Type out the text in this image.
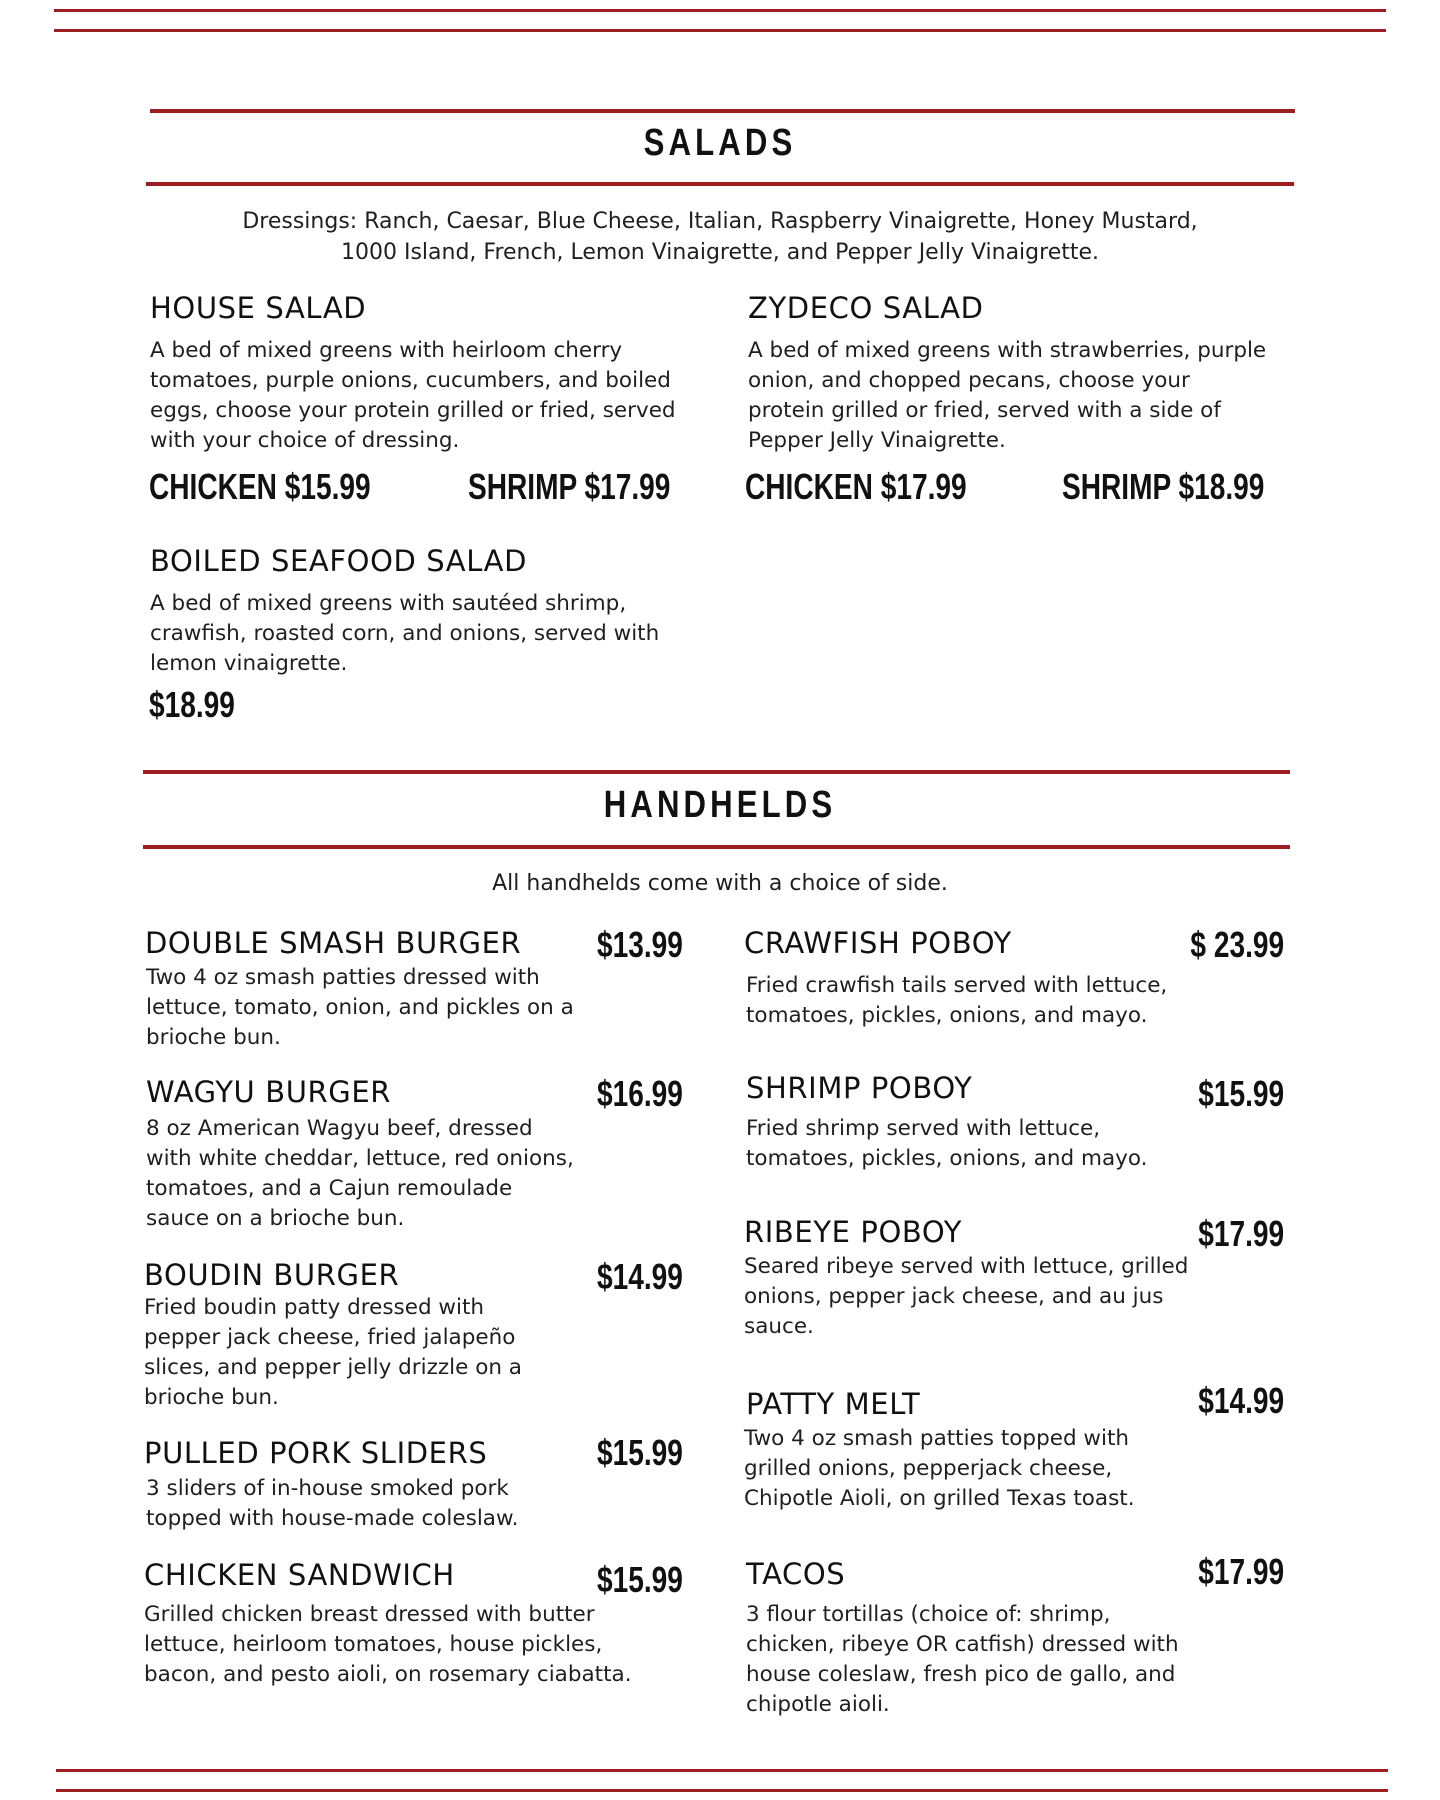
SALADS
Dressings: Ranch, Caesar, Blue Cheese, Italian, Raspberry Vinaigrette, Honey Mustard, 1000 Island, French, Lemon Vinaigrette, and Pepper Jelly Vinaigrette.
HOUSE SALAD

A bed of mixed greens with heirloom cherry tomatoes, purple onions, cucumbers, and boiled eggs, choose your protein grilled or fried, served with your choice of dressing.

CHICKEN $15.99	SHRIMP $17.99
ZYDECO SALAD

A bed of mixed greens with strawberries, purple onion, and chopped pecans, choose your protein grilled or fried, served with a side of Pepper Jelly Vinaigrette.

CHICKEN $17.99	SHRIMP $18.99
BOILED SEAFOOD SALAD

A bed of mixed greens with sautéed shrimp, crawfish, roasted corn, and onions, served with lemon vinaigrette.

$18.99
HANDHELDS
All handhelds come with a choice of side.
DOUBLE SMASH BURGER $13.99

Two 4 oz smash patties dressed with lettuce, tomato, onion, and pickles on a brioche bun.

WAGYU BURGER	$16.99

8 oz American Wagyu beef, dressed with white cheddar, lettuce, red onions, tomatoes, and a Cajun remoulade sauce on a brioche bun.

BOUDIN BURGER	$14.99

Fried boudin patty dressed with pepper jack cheese, fried jalapeño slices, and pepper jelly drizzle on a brioche bun.

PULLED PORK SLIDERS	$15.99

3 sliders of in-house smoked pork topped with house-made coleslaw.

CHICKEN SANDWICH	$15.99

Grilled chicken breast dressed with butter lettuce, heirloom tomatoes, house pickles, bacon, and pesto aioli, on rosemary ciabatta.

CRAWFISH POBOY	$ 23.99

Fried crawfish tails served with lettuce, tomatoes, pickles, onions, and mayo.

SHRIMP POBOY	$15.99

Fried shrimp served with lettuce, tomatoes, pickles, onions, and mayo.

RIBEYE POBOY	$17.99

Seared ribeye served with lettuce, grilled onions, pepper jack cheese, and au jus sauce.

PATTY MELT	$14.99

Two 4 oz smash patties topped with grilled onions, pepperjack cheese, Chipotle Aioli, on grilled Texas toast.

TACOS	$17.99

3 flour tortillas (choice of: shrimp, chicken, ribeye OR catfish) dressed with house coleslaw, fresh pico de gallo, and chipotle aioli.
